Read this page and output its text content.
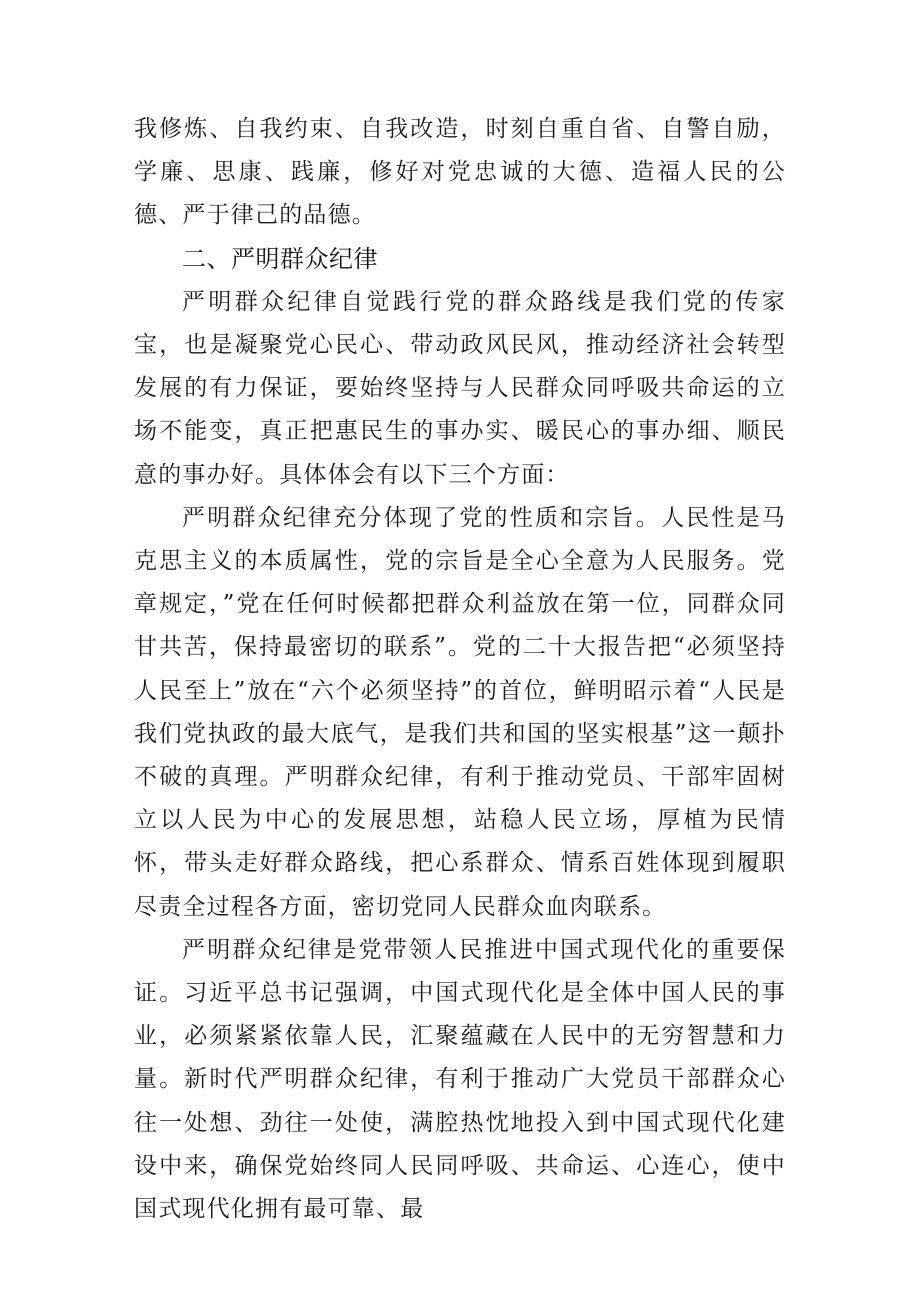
我修炼、自我约束、自我改造，时刻自重自省、自警自励，学廉、思康、践廉，修好对党忠诚的大德、造福人民的公德、严于律己的品德。

二、严明群众纪律

严明群众纪律自觉践行党的群众路线是我们党的传家宝，也是凝聚党心民心、带动政风民风，推动经济社会转型发展的有力保证，要始终坚持与人民群众同呼吸共命运的立场不能变，真正把惠民生的事办实、暖民心的事办细、顺民意的事办好。具体体会有以下三个方面：

严明群众纪律充分体现了党的性质和宗旨。人民性是马克思主义的本质属性，党的宗旨是全心全意为人民服务。党章规定，”党在任何时候都把群众利益放在第一位，同群众同甘共苦，保持最密切的联系”。党的二十大报告把“必须坚持人民至上”放在“六个必须坚持”的首位，鲜明昭示着“人民是我们党执政的最大底气，是我们共和国的坚实根基”这一颠扑不破的真理。严明群众纪律，有利于推动党员、干部牢固树立以人民为中心的发展思想，站稳人民立场，厚植为民情怀，带头走好群众路线，把心系群众、情系百姓体现到履职尽责全过程各方面，密切党同人民群众血肉联系。

严明群众纪律是党带领人民推进中国式现代化的重要保证。习近平总书记强调，中国式现代化是全体中国人民的事业，必须紧紧依靠人民，汇聚蕴藏在人民中的无穷智慧和力量。新时代严明群众纪律，有利于推动广大党员干部群众心往一处想、劲往一处使，满腔热忱地投入到中国式现代化建设中来，确保党始终同人民同呼吸、共命运、心连心，使中国式现代化拥有最可靠、最
